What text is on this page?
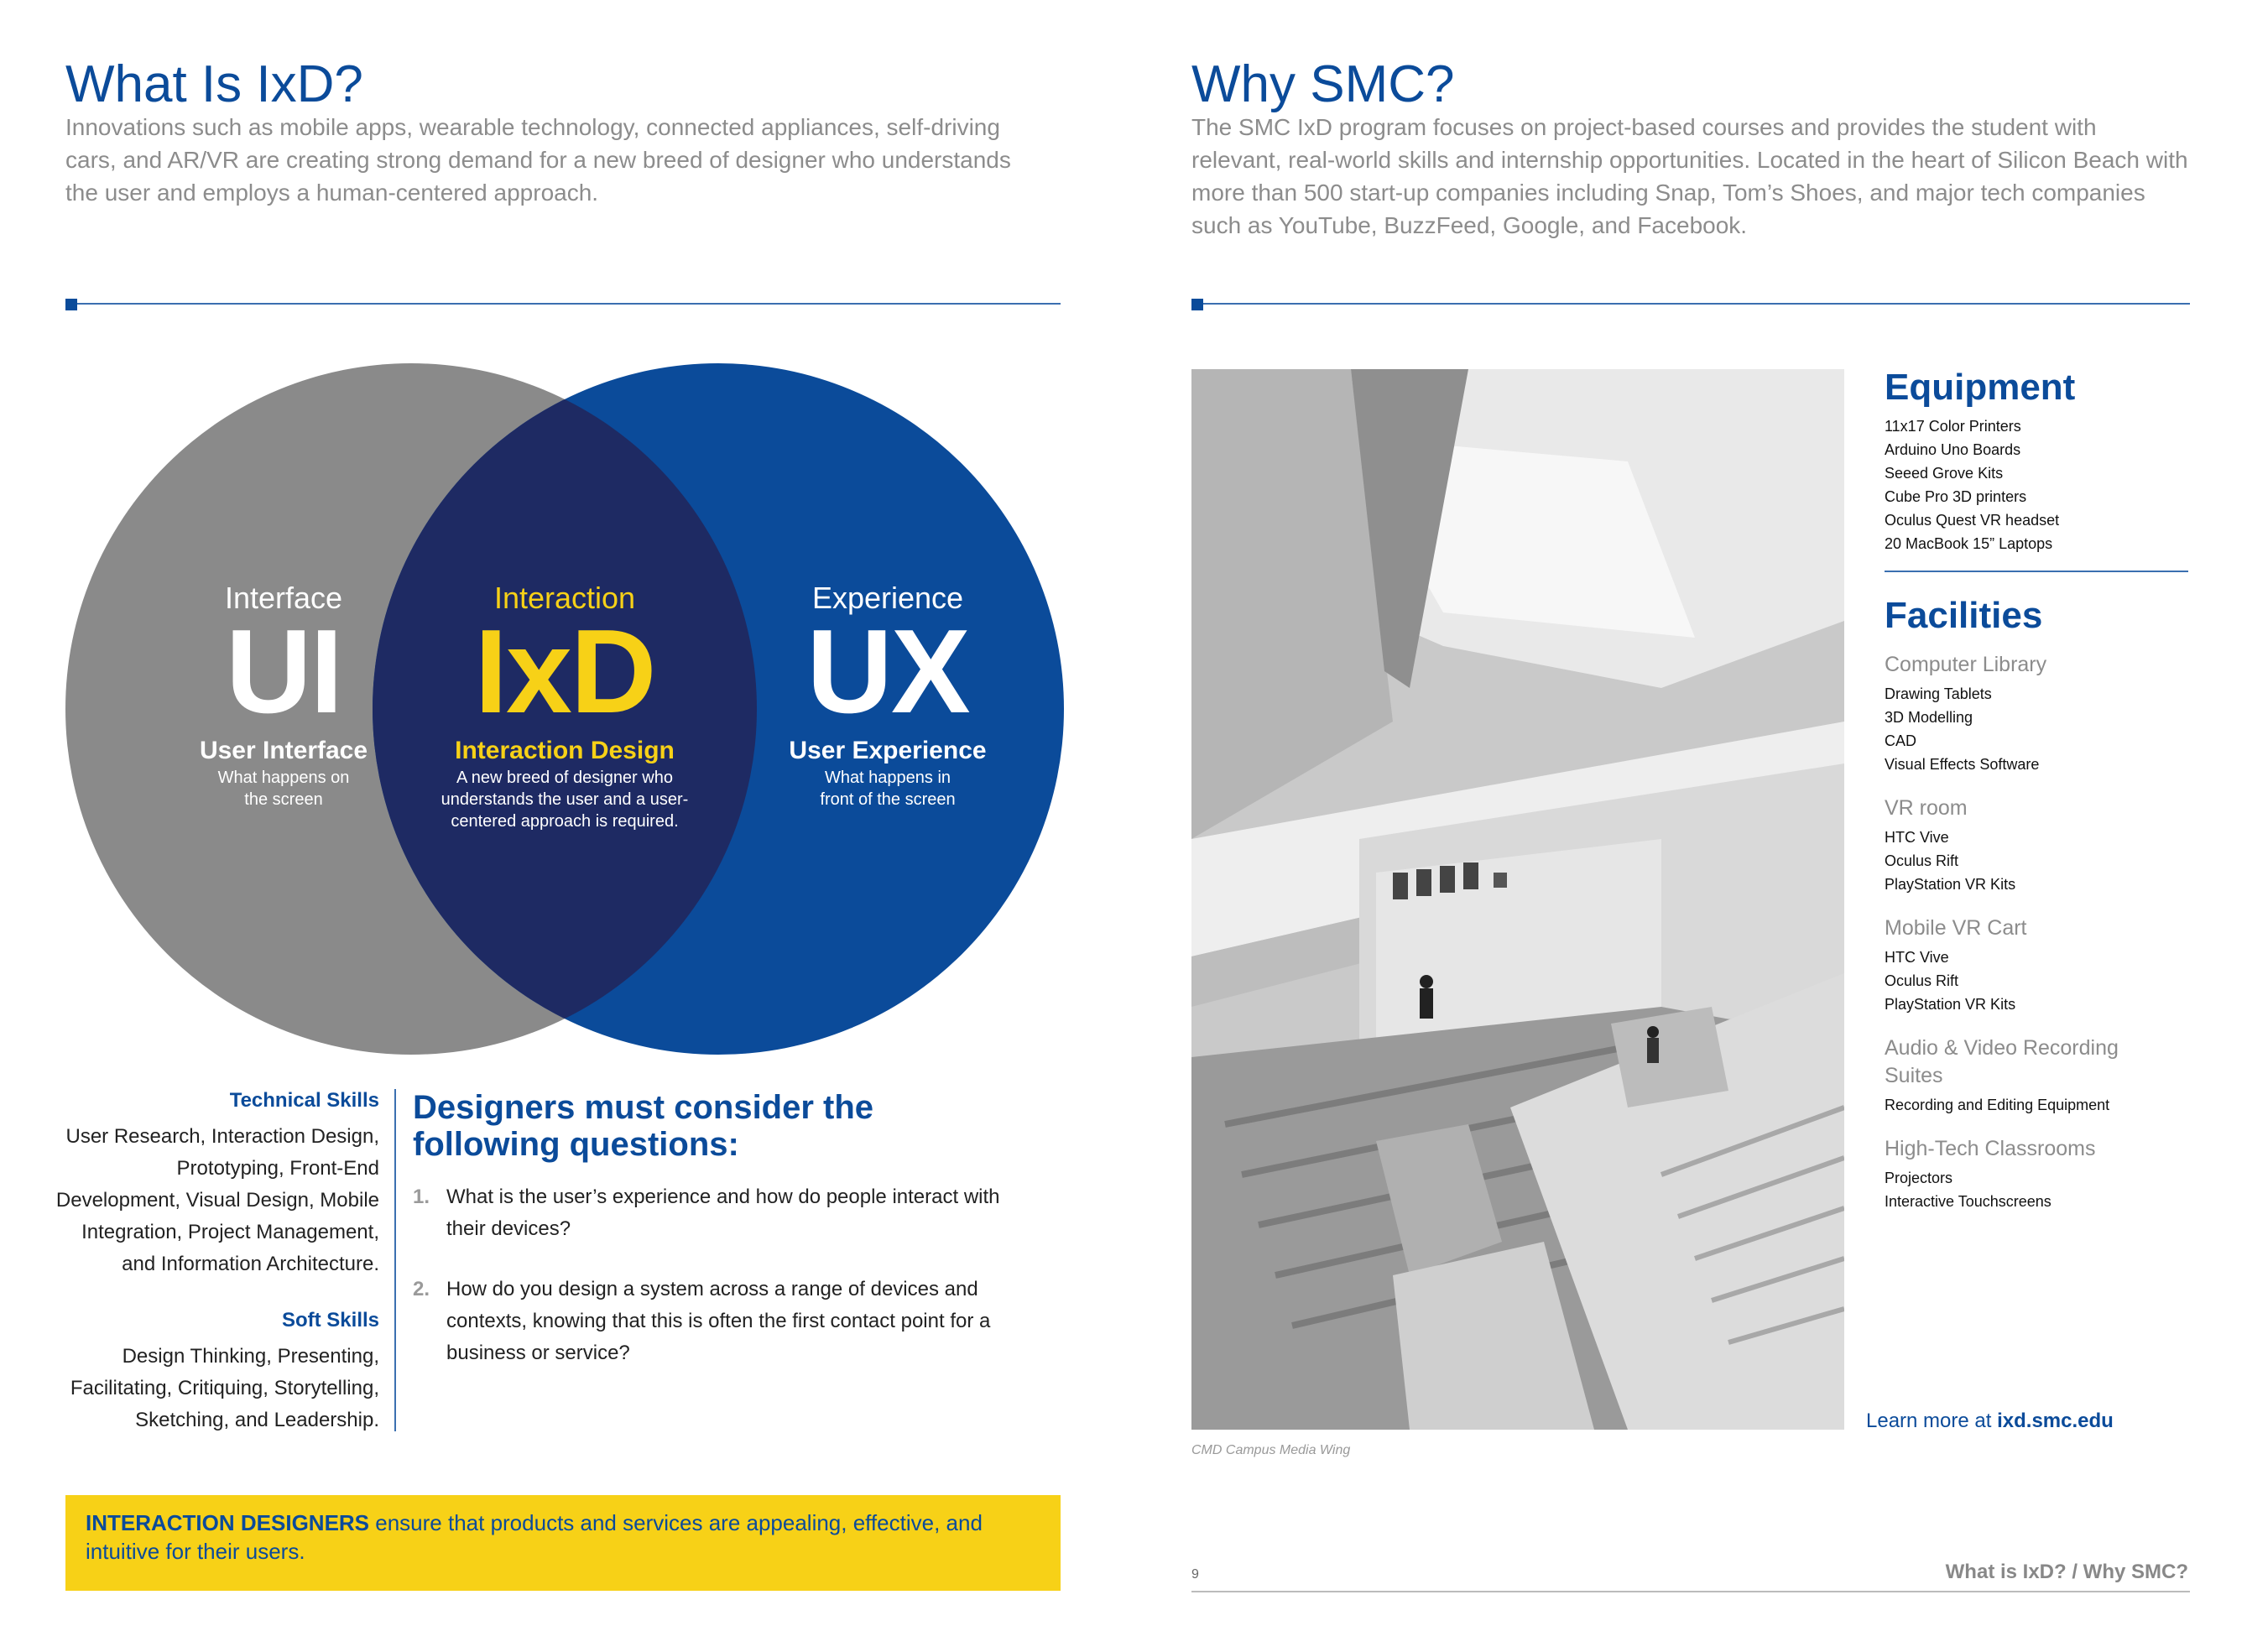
What Is IxD?

Innovations such as mobile apps, wearable technology, connected appliances, self-driving cars, and AR/VR are creating strong demand for a new breed of designer who understands the user and employs a human-centered approach.

Interface
UI
User Interface
What happens on the screen
Interaction
IxD
Interaction Design
A new breed of designer who understands the user and a user-centered approach is required.
Experience
UX
User Experience
What happens in front of the screen

Technical Skills

User Research, Interaction Design, Prototyping, Front-End Development, Visual Design, Mobile Integration, Project Management, and Information Architecture.

Soft Skills

Design Thinking, Presenting, Facilitating, Critiquing, Storytelling, Sketching, and Leadership.

Designers must consider the following questions:

1. What is the user’s experience and how do people interact with their devices?
2. How do you design a system across a range of devices and contexts, knowing that this is often the first contact point for a business or service?

INTERACTION DESIGNERS ensure that products and services are appealing, effective, and intuitive for their users.

Why SMC?

The SMC IxD program focuses on project-based courses and provides the student with relevant, real-world skills and internship opportunities. Located in the heart of Silicon Beach with more than 500 start-up companies including Snap, Tom’s Shoes, and major tech companies such as YouTube, BuzzFeed, Google, and Facebook.

CMD Campus Media Wing

Equipment

11x17 Color Printers
Arduino Uno Boards
Seeed Grove Kits
Cube Pro 3D printers
Oculus Quest VR headset
20 MacBook 15” Laptops

Facilities

Computer Library
Drawing Tablets
3D Modelling
CAD
Visual Effects Software
VR room
HTC Vive
Oculus Rift
PlayStation VR Kits
Mobile VR Cart
HTC Vive
Oculus Rift
PlayStation VR Kits
Audio & Video Recording Suites
Recording and Editing Equipment
High-Tech Classrooms
Projectors
Interactive Touchscreens
Learn more at ixd.smc.edu
9	What is IxD? / Why SMC?
